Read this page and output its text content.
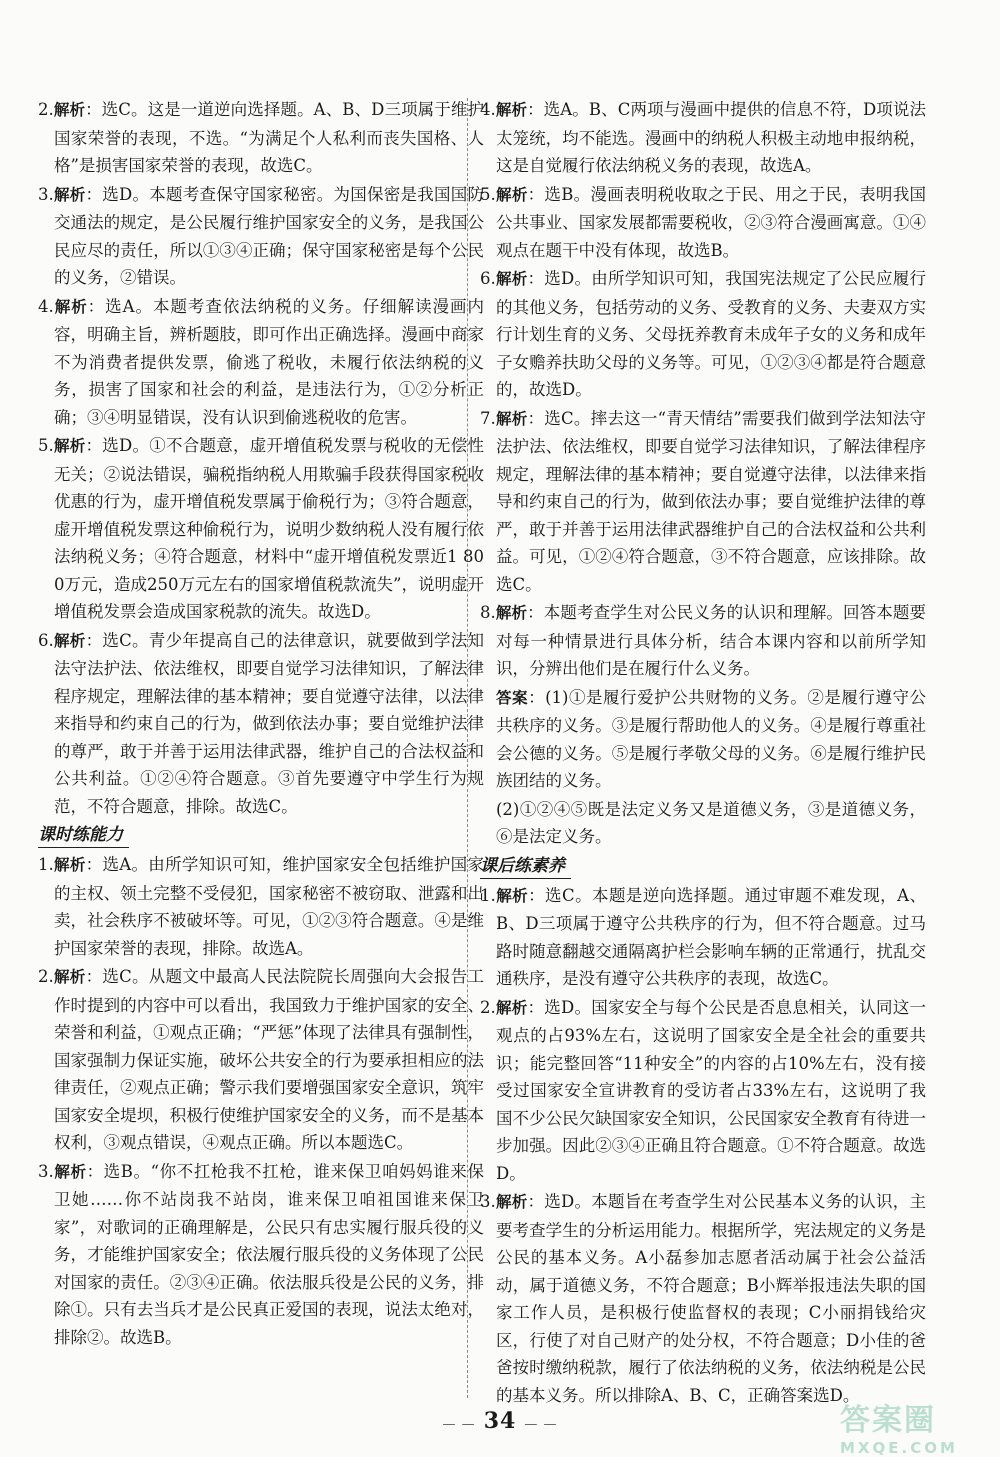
2.解析：选C。这是一道逆向选择题。A、B、D三项属于维护国家荣誉的表现，不选。“为满足个人私利而丧失国格、人格”是损害国家荣誉的表现，故选C。

3.解析：选D。本题考查保守国家秘密。为国保密是我国国防交通法的规定，是公民履行维护国家安全的义务，是我国公民应尽的责任，所以①③④正确；保守国家秘密是每个公民的义务，②错误。

4.解析：选A。本题考查依法纳税的义务。仔细解读漫画内容，明确主旨，辨析题肢，即可作出正确选择。漫画中商家不为消费者提供发票，偷逃了税收，未履行依法纳税的义务，损害了国家和社会的利益，是违法行为，①②分析正确；③④明显错误，没有认识到偷逃税收的危害。

5.解析：选D。①不合题意，虚开增值税发票与税收的无偿性无关；②说法错误，骗税指纳税人用欺骗手段获得国家税收优惠的行为，虚开增值税发票属于偷税行为；③符合题意，虚开增值税发票这种偷税行为，说明少数纳税人没有履行依法纳税义务；④符合题意，材料中“虚开增值税发票近1 800万元，造成250万元左右的国家增值税款流失”，说明虚开增值税发票会造成国家税款的流失。故选D。

6.解析：选C。青少年提高自己的法律意识，就要做到学法知法守法护法、依法维权，即要自觉学习法律知识，了解法律程序规定，理解法律的基本精神；要自觉遵守法律，以法律来指导和约束自己的行为，做到依法办事；要自觉维护法律的尊严，敢于并善于运用法律武器，维护自己的合法权益和公共利益。①②④符合题意。③首先要遵守中学生行为规范，不符合题意，排除。故选C。

课时练能力

1.解析：选A。由所学知识可知，维护国家安全包括维护国家的主权、领土完整不受侵犯，国家秘密不被窃取、泄露和出卖，社会秩序不被破坏等。可见，①②③符合题意。④是维护国家荣誉的表现，排除。故选A。

2.解析：选C。从题文中最高人民法院院长周强向大会报告工作时提到的内容中可以看出，我国致力于维护国家的安全、荣誉和利益，①观点正确；“严惩”体现了法律具有强制性，国家强制力保证实施，破坏公共安全的行为要承担相应的法律责任，②观点正确；警示我们要增强国家安全意识，筑牢国家安全堤坝，积极行使维护国家安全的义务，而不是基本权利，③观点错误，④观点正确。所以本题选C。

3.解析：选B。“你不扛枪我不扛枪，谁来保卫咱妈妈谁来保卫她……你不站岗我不站岗，谁来保卫咱祖国谁来保卫家”，对歌词的正确理解是，公民只有忠实履行服兵役的义务，才能维护国家安全；依法履行服兵役的义务体现了公民对国家的责任。②③④正确。依法服兵役是公民的义务，排除①。只有去当兵才是公民真正爱国的表现，说法太绝对，排除②。故选B。

4.解析：选A。B、C两项与漫画中提供的信息不符，D项说法太笼统，均不能选。漫画中的纳税人积极主动地申报纳税，这是自觉履行依法纳税义务的表现，故选A。

5.解析：选B。漫画表明税收取之于民、用之于民，表明我国公共事业、国家发展都需要税收，②③符合漫画寓意。①④观点在题干中没有体现，故选B。

6.解析：选D。由所学知识可知，我国宪法规定了公民应履行的其他义务，包括劳动的义务、受教育的义务、夫妻双方实行计划生育的义务、父母抚养教育未成年子女的义务和成年子女赡养扶助父母的义务等。可见，①②③④都是符合题意的，故选D。

7.解析：选C。摔去这一“青天情结”需要我们做到学法知法守法护法、依法维权，即要自觉学习法律知识，了解法律程序规定，理解法律的基本精神；要自觉遵守法律，以法律来指导和约束自己的行为，做到依法办事；要自觉维护法律的尊严，敢于并善于运用法律武器维护自己的合法权益和公共利益。可见，①②④符合题意，③不符合题意，应该排除。故选C。

8.解析：本题考查学生对公民义务的认识和理解。回答本题要对每一种情景进行具体分析，结合本课内容和以前所学知识，分辨出他们是在履行什么义务。

答案：(1)①是履行爱护公共财物的义务。②是履行遵守公共秩序的义务。③是履行帮助他人的义务。④是履行尊重社会公德的义务。⑤是履行孝敬父母的义务。⑥是履行维护民族团结的义务。

(2)①②④⑤既是法定义务又是道德义务，③是道德义务，⑥是法定义务。

课后练素养

1.解析：选C。本题是逆向选择题。通过审题不难发现，A、B、D三项属于遵守公共秩序的行为，但不符合题意。过马路时随意翻越交通隔离护栏会影响车辆的正常通行，扰乱交通秩序，是没有遵守公共秩序的表现，故选C。

2.解析：选D。国家安全与每个公民是否息息相关，认同这一观点的占93%左右，这说明了国家安全是全社会的重要共识；能完整回答“11种安全”的内容的占10%左右，没有接受过国家安全宣讲教育的受访者占33%左右，这说明了我国不少公民欠缺国家安全知识，公民国家安全教育有待进一步加强。因此②③④正确且符合题意。①不符合题意。故选D。

3.解析：选D。本题旨在考查学生对公民基本义务的认识，主要考查学生的分析运用能力。根据所学，宪法规定的义务是公民的基本义务。A小磊参加志愿者活动属于社会公益活动，属于道德义务，不符合题意；B小辉举报违法失职的国家工作人员，是积极行使监督权的表现；C小丽捐钱给灾区，行使了对自己财产的处分权，不符合题意；D小佳的爸爸按时缴纳税款，履行了依法纳税的义务，依法纳税是公民的基本义务。所以排除A、B、C，正确答案选D。

— — 34 — —	答案圈
MXQE.COM
